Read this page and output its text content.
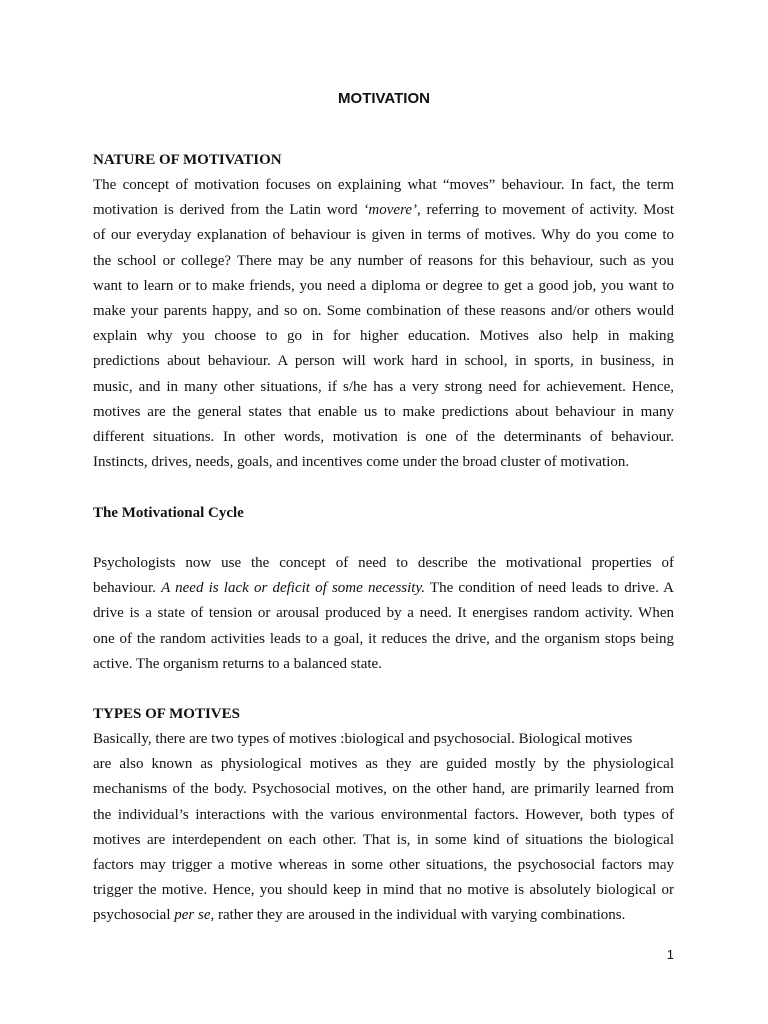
MOTIVATION
NATURE OF MOTIVATION
The concept of motivation focuses on explaining what “moves” behaviour. In fact, the term
motivation is derived from the Latin word ‘movere’, referring to movement of activity. Most
of our everyday explanation of behaviour is given in terms of motives. Why do you come to
the school or college? There may be any number of reasons for this behaviour, such as you
want to learn or to make friends, you need a diploma or degree to get a good job, you want to
make your parents happy, and so on. Some combination of these reasons and/or others would
explain why you choose to go in for higher education. Motives also help in making
predictions about behaviour. A person will work hard in school, in sports, in business, in
music, and in many other situations, if s/he has a very strong need for achievement. Hence,
motives are the general states that enable us to make predictions about behaviour in many
different situations. In other words, motivation is one of the determinants of behaviour.
Instincts, drives, needs, goals, and incentives come under the broad cluster of motivation.
The Motivational Cycle
Psychologists now use the concept of need to describe the motivational properties of
behaviour. A need is lack or deficit of some necessity. The condition of need leads to drive. A
drive is a state of tension or arousal produced by a need. It energises random activity. When
one of the random activities leads to a goal, it reduces the drive, and the organism stops being
active. The organism returns to a balanced state.
TYPES OF MOTIVES
Basically, there are two types of motives :biological and psychosocial. Biological motives
are also known as physiological motives as they are guided mostly by the physiological
mechanisms of the body. Psychosocial motives, on the other hand, are primarily learned from
the individual’s interactions with the various environmental factors. However, both types of
motives are interdependent on each other. That is, in some kind of situations the biological
factors may trigger a motive whereas in some other situations, the psychosocial factors may
trigger the motive. Hence, you should keep in mind that no motive is absolutely biological or
psychosocial per se, rather they are aroused in the individual with varying combinations.
1
